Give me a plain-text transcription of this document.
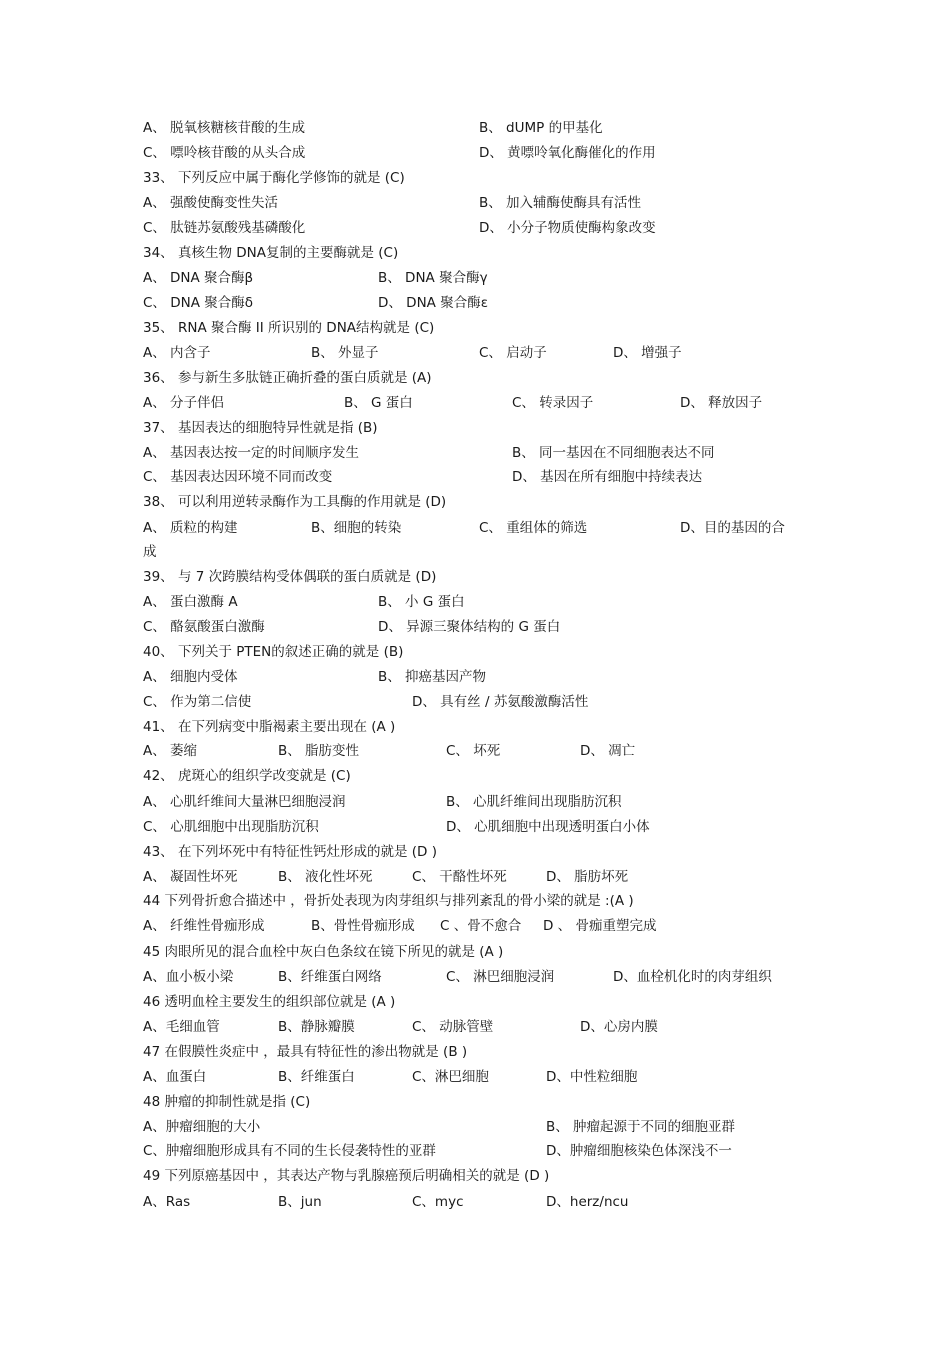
A、 脱氧核糖核苷酸的生成	B、 dUMP 的甲基化
C、 嘌呤核苷酸的从头合成	D、 黄嘌呤氧化酶催化的作用
33、 下列反应中属于酶化学修饰的就是 (C)
A、 强酸使酶变性失活	B、 加入辅酶使酶具有活性
C、 肽链苏氨酸残基磷酸化	D、 小分子物质使酶构象改变
34、 真核生物 DNA复制的主要酶就是 (C)
A、 DNA 聚合酶β	B、 DNA 聚合酶γ
C、 DNA 聚合酶δ	D、 DNA 聚合酶ε
35、 RNA 聚合酶 II 所识别的 DNA结构就是 (C)
A、 内含子	B、 外显子	C、 启动子	D、 增强子
36、 参与新生多肽链正确折叠的蛋白质就是 (A)
A、 分子伴侣	B、 G 蛋白	C、 转录因子	D、 释放因子
37、 基因表达的细胞特异性就是指 (B)
A、 基因表达按一定的时间顺序发生	B、 同一基因在不同细胞表达不同
C、 基因表达因环境不同而改变	D、 基因在所有细胞中持续表达
38、 可以利用逆转录酶作为工具酶的作用就是 (D)
A、 质粒的构建	B、细胞的转染	C、 重组体的筛选	D、目的基因的合
成
39、 与 7 次跨膜结构受体偶联的蛋白质就是 (D)
A、 蛋白激酶 A	B、 小 G 蛋白
C、 酪氨酸蛋白激酶	D、 异源三聚体结构的 G 蛋白
40、 下列关于 PTEN的叙述正确的就是 (B)
A、 细胞内受体	B、 抑癌基因产物
C、 作为第二信使	D、 具有丝 / 苏氨酸激酶活性
41、 在下列病变中脂褐素主要出现在 (A )
A、 萎缩	B、 脂肪变性	C、 坏死	D、 凋亡
42、 虎斑心的组织学改变就是 (C)
A、 心肌纤维间大量淋巴细胞浸润	B、 心肌纤维间出现脂肪沉积
C、 心肌细胞中出现脂肪沉积	D、 心肌细胞中出现透明蛋白小体
43、 在下列坏死中有特征性钙灶形成的就是 (D )
A、 凝固性坏死	B、 液化性坏死	C、 干酪性坏死	D、 脂肪坏死
44 下列骨折愈合描述中 ，骨折处表现为肉芽组织与排列紊乱的骨小梁的就是 :(A )
A、 纤维性骨痂形成	B、骨性骨痂形成 C 、骨不愈合 D 、 骨痂重塑完成
45 肉眼所见的混合血栓中灰白色条纹在镜下所见的就是 (A )
A、血小板小梁	B、纤维蛋白网络	C、 淋巴细胞浸润	D、血栓机化时的肉芽组织
46 透明血栓主要发生的组织部位就是 (A )
A、毛细血管	B、静脉瓣膜	C、 动脉管壁	D、心房内膜
47 在假膜性炎症中 ，最具有特征性的渗出物就是 (B )
A、血蛋白	B、纤维蛋白	C、淋巴细胞	D、中性粒细胞
48 肿瘤的抑制性就是指 (C)
A、肿瘤细胞的大小	B、 肿瘤起源于不同的细胞亚群
C、肿瘤细胞形成具有不同的生长侵袭特性的亚群	D、肿瘤细胞核染色体深浅不一
49 下列原癌基因中 ，其表达产物与乳腺癌预后明确相关的就是 (D )
A、Ras	B、jun	C、myc	D、herz/ncu
